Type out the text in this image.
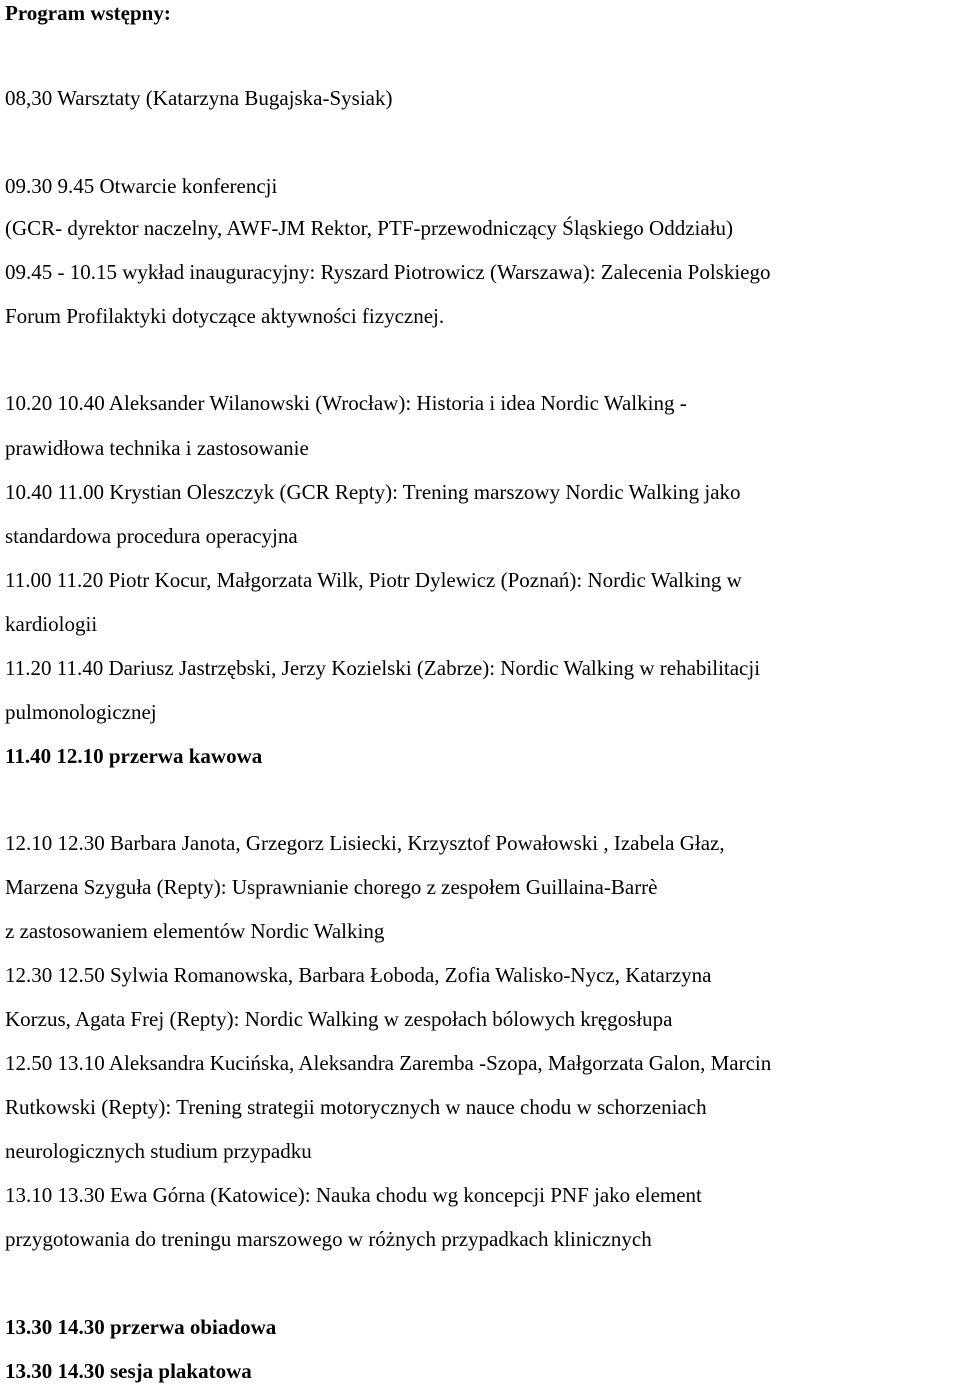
Program wstępny:

08,30 Warsztaty (Katarzyna Bugajska-Sysiak)

09.30 9.45 Otwarcie konferencji

(GCR- dyrektor naczelny, AWF-JM Rektor, PTF-przewodniczący Śląskiego Oddziału)

09.45 - 10.15 wykład inauguracyjny: Ryszard Piotrowicz (Warszawa): Zalecenia Polskiego

Forum Profilaktyki dotyczące aktywności fizycznej.

10.20 10.40 Aleksander Wilanowski (Wrocław): Historia i idea Nordic Walking -

prawidłowa technika i zastosowanie

10.40 11.00 Krystian Oleszczyk (GCR Repty): Trening marszowy Nordic Walking jako

standardowa procedura operacyjna

11.00 11.20 Piotr Kocur, Małgorzata Wilk, Piotr Dylewicz (Poznań): Nordic Walking w

kardiologii

11.20 11.40 Dariusz Jastrzębski, Jerzy Kozielski (Zabrze): Nordic Walking w rehabilitacji

pulmonologicznej

11.40 12.10 przerwa kawowa

12.10 12.30 Barbara Janota, Grzegorz Lisiecki, Krzysztof Powałowski , Izabela Głaz,

Marzena Szyguła (Repty): Usprawnianie chorego z zespołem Guillaina-Barrè

z zastosowaniem elementów Nordic Walking

12.30 12.50 Sylwia Romanowska, Barbara Łoboda, Zofia Walisko-Nycz, Katarzyna

Korzus, Agata Frej (Repty): Nordic Walking w zespołach bólowych kręgosłupa

12.50 13.10 Aleksandra Kucińska, Aleksandra Zaremba -Szopa, Małgorzata Galon, Marcin

Rutkowski (Repty): Trening strategii motorycznych w nauce chodu w schorzeniach

neurologicznych studium przypadku

13.10 13.30 Ewa Górna (Katowice): Nauka chodu wg koncepcji PNF jako element

przygotowania do treningu marszowego w różnych przypadkach klinicznych

13.30 14.30 przerwa obiadowa

13.30 14.30 sesja plakatowa
